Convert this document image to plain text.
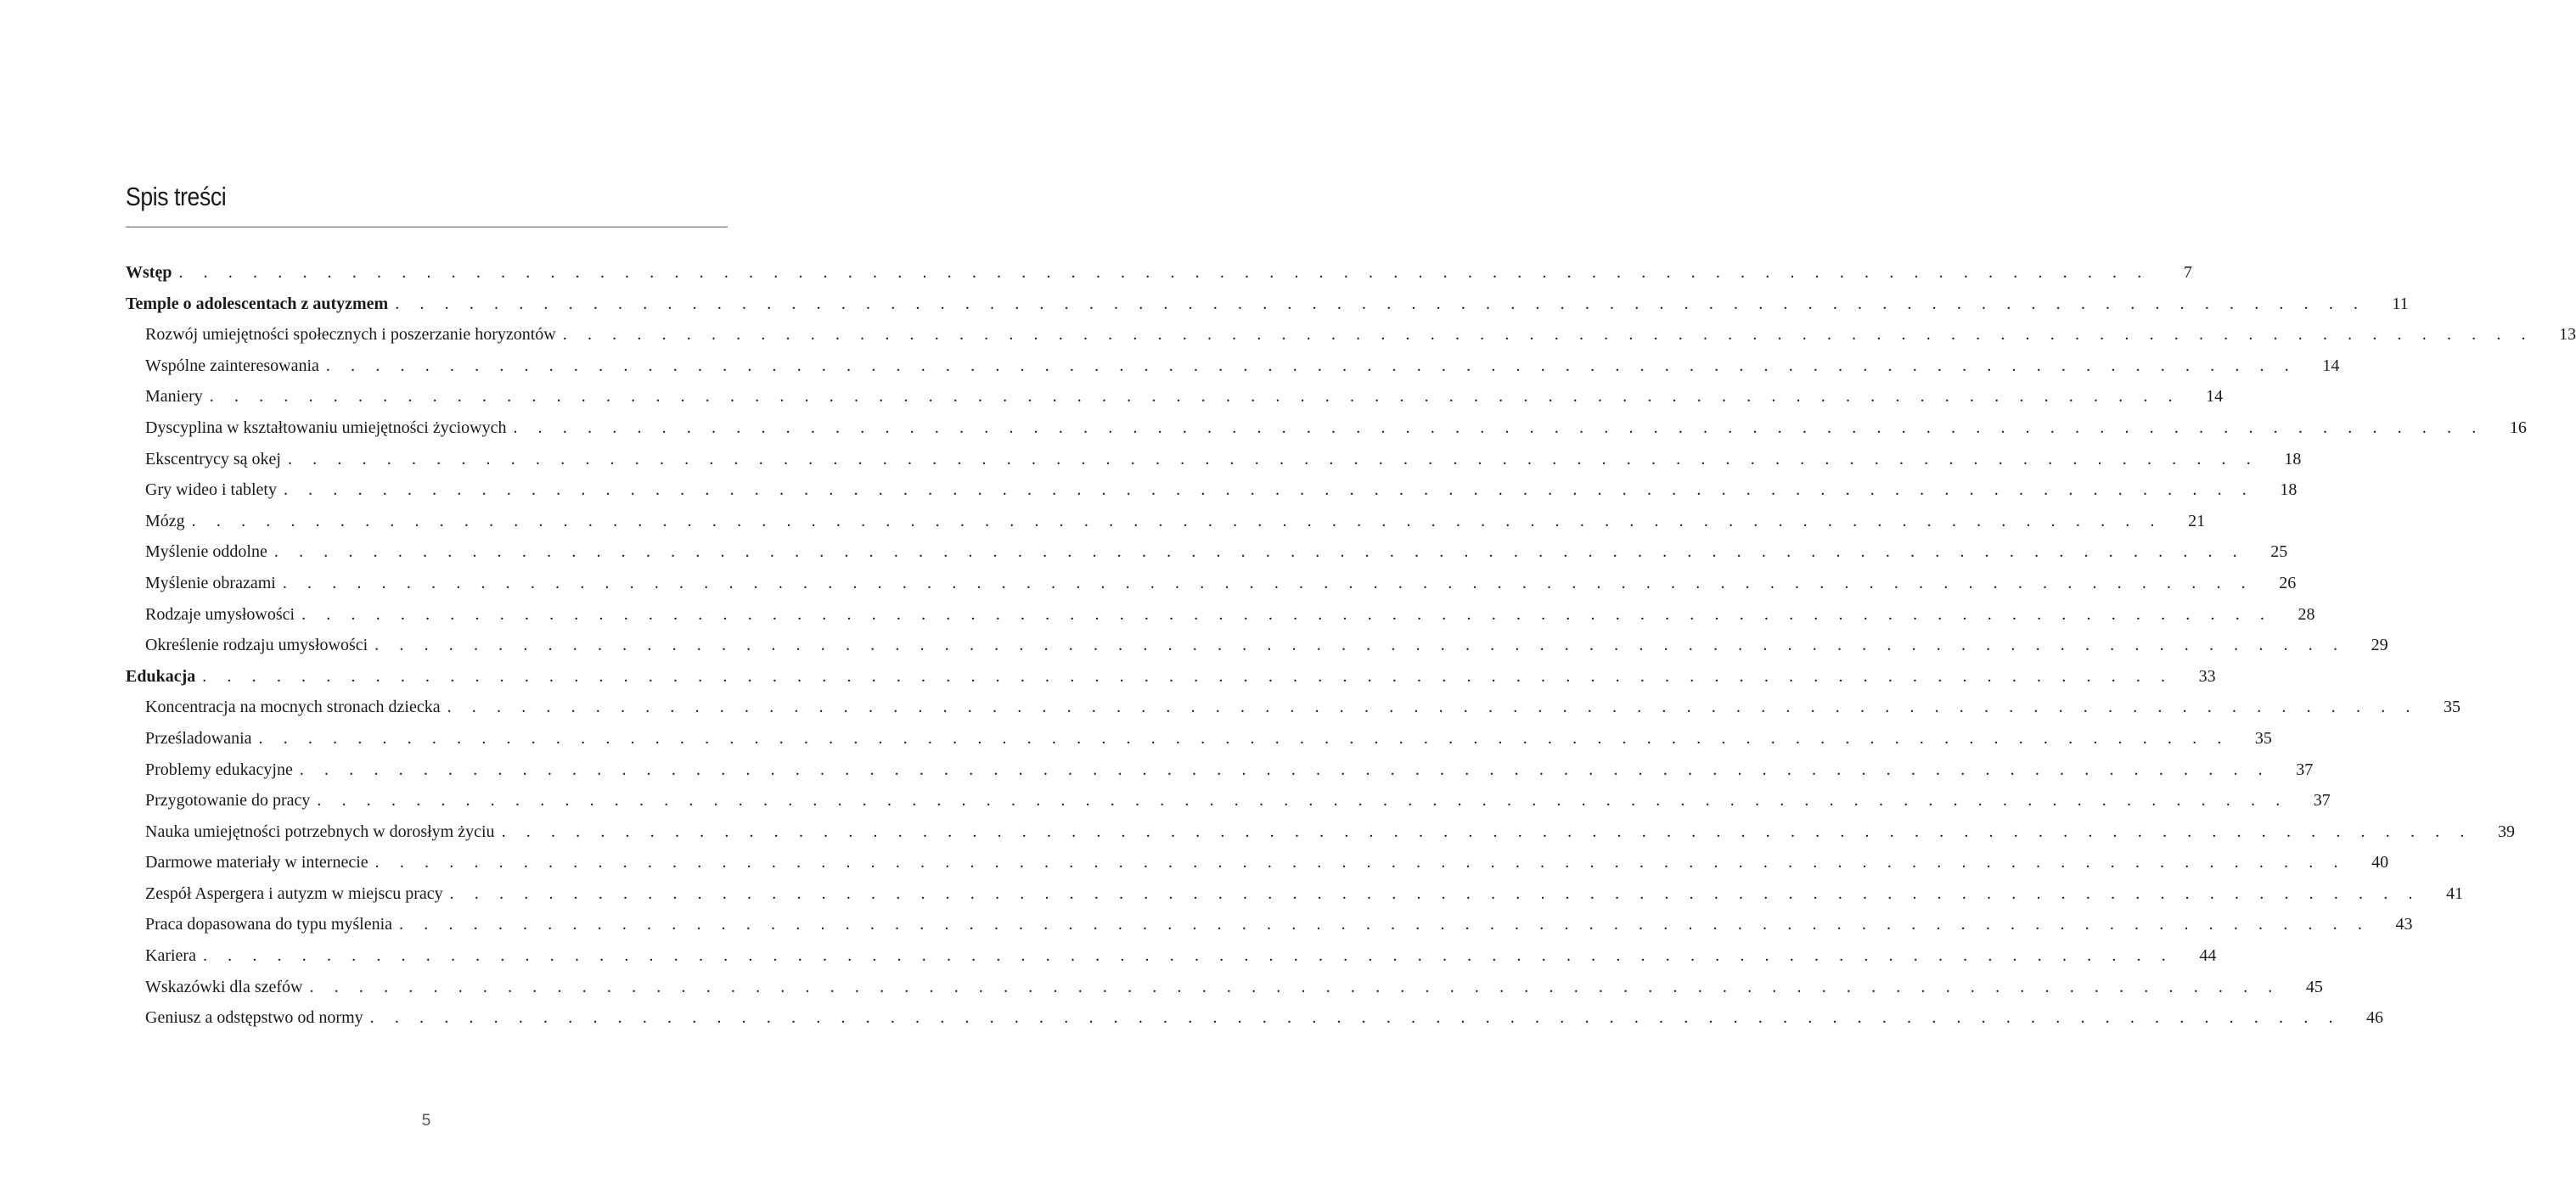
Spis treści
Wstęp . . . . . . . . . . . . . . . . . . . . . . . . . . . . . . . . . . . . . . . . . . . . . . . . . . . . . . . . . . . . . . . . . . . . . . . . . . . . . . . .	7
Temple o adolescentach z autyzmem . . . . . . . . . . . . . . . . . . . . . . . . . . . . . . . . . . . . . . . . . . . . . . . . . . . . . . . . . . . . . . . . . . . . . . . . . . . . . . . . 11
Rozwój umiejętności społecznych i poszerzanie horyzontów . . . . . . . . . . . . . . . . . . . . . . . . . . . . . . . . . . . . . . . . . . . . . . . . . . . . . . . . . . . . . . . . . . . . . . . . . . . . . . . . 13
Wspólne zainteresowania . . . . . . . . . . . . . . . . . . . . . . . . . . . . . . . . . . . . . . . . . . . . . . . . . . . . . . . . . . . . . . . . . . . . . . . . . . . . . . . . 14
Maniery . . . . . . . . . . . . . . . . . . . . . . . . . . . . . . . . . . . . . . . . . . . . . . . . . . . . . . . . . . . . . . . . . . . . . . . . . . . . . . . . 14
Dyscyplina w kształtowaniu umiejętności życiowych . . . . . . . . . . . . . . . . . . . . . . . . . . . . . . . . . . . . . . . . . . . . . . . . . . . . . . . . . . . . . . . . . . . . . . . . . . . . . . . . 16
Ekscentrycy są okej . . . . . . . . . . . . . . . . . . . . . . . . . . . . . . . . . . . . . . . . . . . . . . . . . . . . . . . . . . . . . . . . . . . . . . . . . . . . . . . . 18
Gry wideo i tablety . . . . . . . . . . . . . . . . . . . . . . . . . . . . . . . . . . . . . . . . . . . . . . . . . . . . . . . . . . . . . . . . . . . . . . . . . . . . . . . . 18
Mózg . . . . . . . . . . . . . . . . . . . . . . . . . . . . . . . . . . . . . . . . . . . . . . . . . . . . . . . . . . . . . . . . . . . . . . . . . . . . . . . . 21
Myślenie oddolne . . . . . . . . . . . . . . . . . . . . . . . . . . . . . . . . . . . . . . . . . . . . . . . . . . . . . . . . . . . . . . . . . . . . . . . . . . . . . . . . 25
Myślenie obrazami . . . . . . . . . . . . . . . . . . . . . . . . . . . . . . . . . . . . . . . . . . . . . . . . . . . . . . . . . . . . . . . . . . . . . . . . . . . . . . . . 26
Rodzaje umysłowości . . . . . . . . . . . . . . . . . . . . . . . . . . . . . . . . . . . . . . . . . . . . . . . . . . . . . . . . . . . . . . . . . . . . . . . . . . . . . . . . 28
Określenie rodzaju umysłowości . . . . . . . . . . . . . . . . . . . . . . . . . . . . . . . . . . . . . . . . . . . . . . . . . . . . . . . . . . . . . . . . . . . . . . . . . . . . . . . . 29
Edukacja . . . . . . . . . . . . . . . . . . . . . . . . . . . . . . . . . . . . . . . . . . . . . . . . . . . . . . . . . . . . . . . . . . . . . . . . . . . . . . . . 33
Koncentracja na mocnych stronach dziecka . . . . . . . . . . . . . . . . . . . . . . . . . . . . . . . . . . . . . . . . . . . . . . . . . . . . . . . . . . . . . . . . . . . . . . . . . . . . . . . . 35
Prześladowania . . . . . . . . . . . . . . . . . . . . . . . . . . . . . . . . . . . . . . . . . . . . . . . . . . . . . . . . . . . . . . . . . . . . . . . . . . . . . . . . 35
Problemy edukacyjne . . . . . . . . . . . . . . . . . . . . . . . . . . . . . . . . . . . . . . . . . . . . . . . . . . . . . . . . . . . . . . . . . . . . . . . . . . . . . . . . 37
Przygotowanie do pracy . . . . . . . . . . . . . . . . . . . . . . . . . . . . . . . . . . . . . . . . . . . . . . . . . . . . . . . . . . . . . . . . . . . . . . . . . . . . . . . . 37
Nauka umiejętności potrzebnych w dorosłym życiu . . . . . . . . . . . . . . . . . . . . . . . . . . . . . . . . . . . . . . . . . . . . . . . . . . . . . . . . . . . . . . . . . . . . . . . . . . . . . . . . 39
Darmowe materiały w internecie . . . . . . . . . . . . . . . . . . . . . . . . . . . . . . . . . . . . . . . . . . . . . . . . . . . . . . . . . . . . . . . . . . . . . . . . . . . . . . . . 40
Zespół Aspergera i autyzm w miejscu pracy . . . . . . . . . . . . . . . . . . . . . . . . . . . . . . . . . . . . . . . . . . . . . . . . . . . . . . . . . . . . . . . . . . . . . . . . . . . . . . . . 41
Praca dopasowana do typu myślenia . . . . . . . . . . . . . . . . . . . . . . . . . . . . . . . . . . . . . . . . . . . . . . . . . . . . . . . . . . . . . . . . . . . . . . . . . . . . . . . . 43
Kariera . . . . . . . . . . . . . . . . . . . . . . . . . . . . . . . . . . . . . . . . . . . . . . . . . . . . . . . . . . . . . . . . . . . . . . . . . . . . . . . . 44
Wskazówki dla szefów . . . . . . . . . . . . . . . . . . . . . . . . . . . . . . . . . . . . . . . . . . . . . . . . . . . . . . . . . . . . . . . . . . . . . . . . . . . . . . . . 45
Geniusz a odstępstwo od normy . . . . . . . . . . . . . . . . . . . . . . . . . . . . . . . . . . . . . . . . . . . . . . . . . . . . . . . . . . . . . . . . . . . . . . . . . . . . . . . . 46
5
